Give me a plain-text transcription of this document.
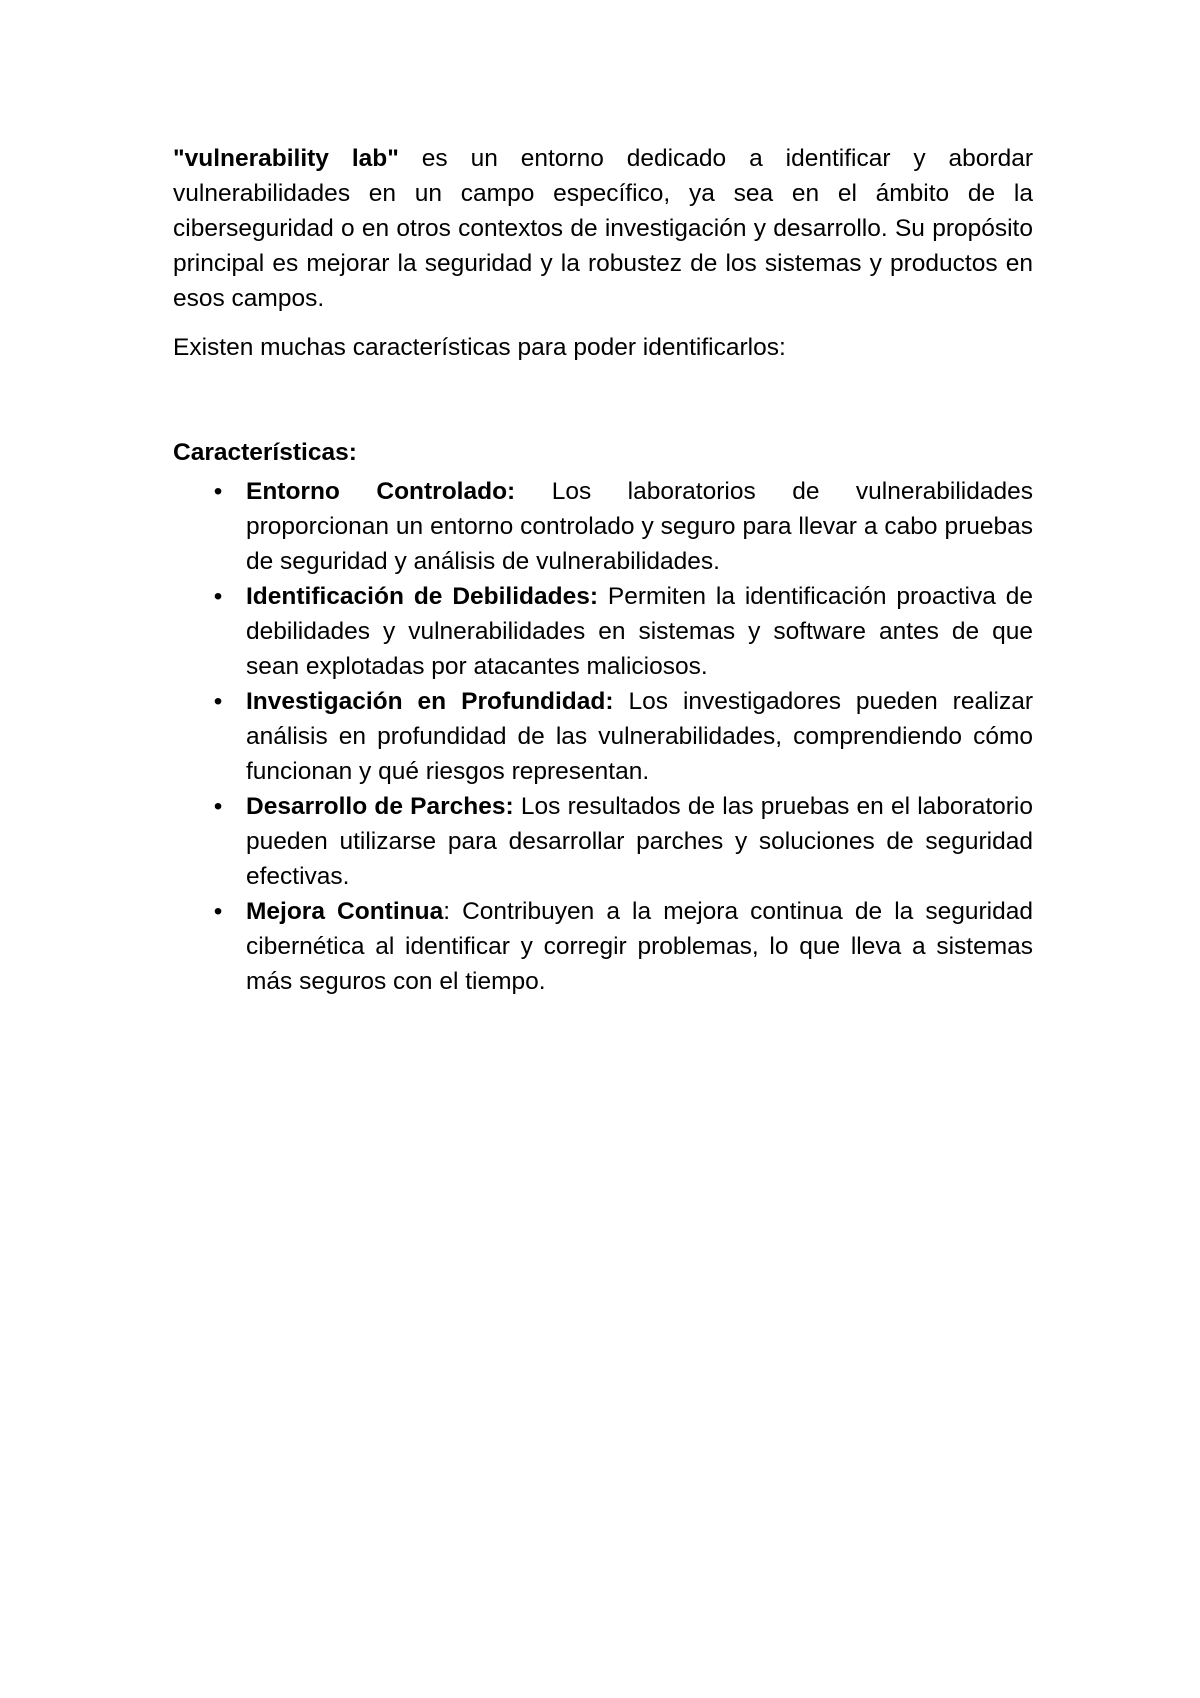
"vulnerability lab" es un entorno dedicado a identificar y abordar vulnerabilidades en un campo específico, ya sea en el ámbito de la ciberseguridad o en otros contextos de investigación y desarrollo. Su propósito principal es mejorar la seguridad y la robustez de los sistemas y productos en esos campos.

Existen muchas características para poder identificarlos:

Características:
• Entorno Controlado: Los laboratorios de vulnerabilidades proporcionan un entorno controlado y seguro para llevar a cabo pruebas de seguridad y análisis de vulnerabilidades.
• Identificación de Debilidades: Permiten la identificación proactiva de debilidades y vulnerabilidades en sistemas y software antes de que sean explotadas por atacantes maliciosos.
• Investigación en Profundidad: Los investigadores pueden realizar análisis en profundidad de las vulnerabilidades, comprendiendo cómo funcionan y qué riesgos representan.
• Desarrollo de Parches: Los resultados de las pruebas en el laboratorio pueden utilizarse para desarrollar parches y soluciones de seguridad efectivas.
• Mejora Continua: Contribuyen a la mejora continua de la seguridad cibernética al identificar y corregir problemas, lo que lleva a sistemas más seguros con el tiempo.
